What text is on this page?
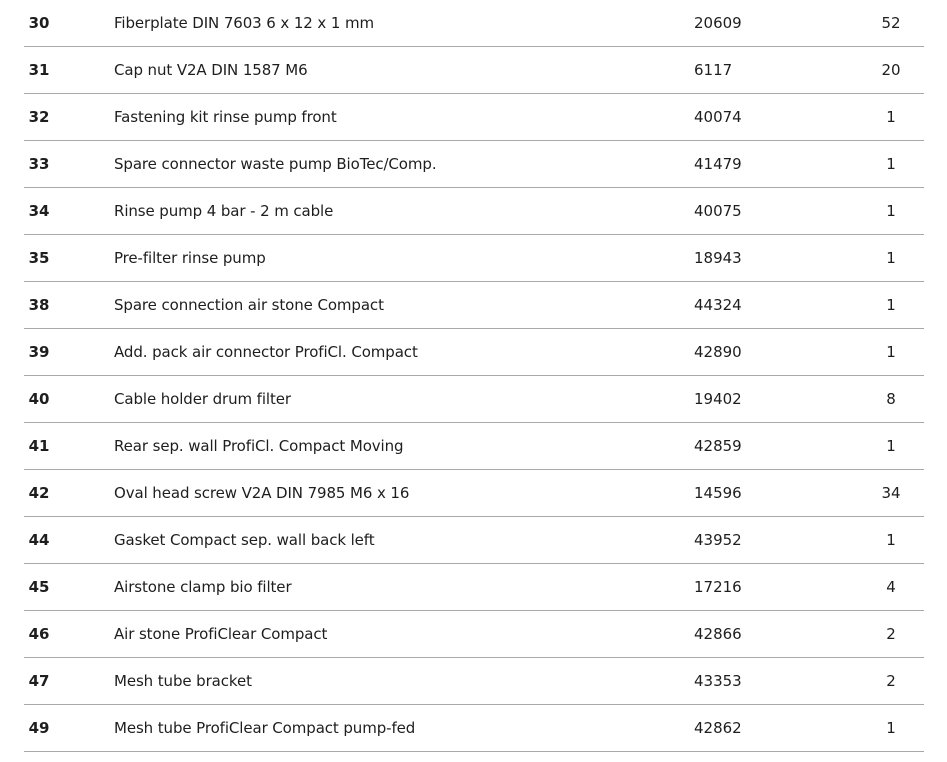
30	Fiberplate DIN 7603 6 x 12 x 1 mm	20609	52
31	Cap nut V2A DIN 1587 M6	6117	20
32	Fastening kit rinse pump front	40074	1
33	Spare connector waste pump BioTec/Comp.	41479	1
34	Rinse pump 4 bar - 2 m cable	40075	1
35	Pre-filter rinse pump	18943	1
38	Spare connection air stone Compact	44324	1
39	Add. pack air connector ProfiCl. Compact	42890	1
40	Cable holder drum filter	19402	8
41	Rear sep. wall ProfiCl. Compact Moving	42859	1
42	Oval head screw V2A DIN 7985 M6 x 16	14596	34
44	Gasket Compact sep. wall back left	43952	1
45	Airstone clamp bio filter	17216	4
46	Air stone ProfiClear Compact	42866	2
47	Mesh tube bracket	43353	2
49	Mesh tube ProfiClear Compact pump-fed	42862	1
